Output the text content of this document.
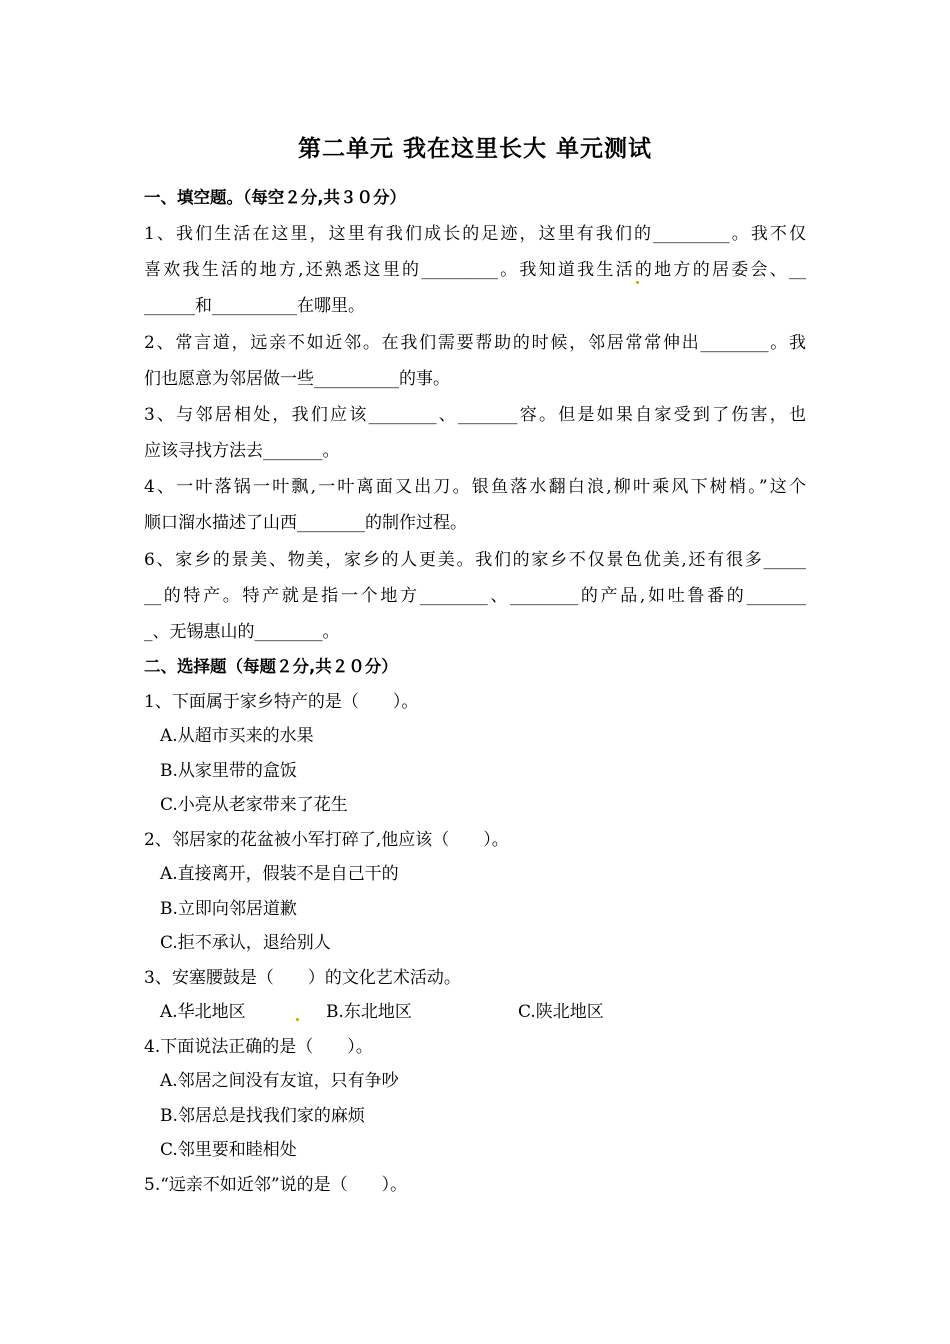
第二单元 我在这里长大 单元测试
一、填空题。（每空２分,共３０分）
1、我们生活在这里，这里有我们成长的足迹，这里有我们的_________。我不仅
喜欢我生活的地方,还熟悉这里的_________。我知道我生活的地方的居委会、__
______和__________在哪里。
2、常言道，远亲不如近邻。在我们需要帮助的时候，邻居常常伸出________。我
们也愿意为邻居做一些__________的事。
3、与邻居相处，我们应该________、_______容。但是如果自家受到了伤害，也
应该寻找方法去_______。
4、一叶落锅一叶飘,一叶离面又出刀。银鱼落水翻白浪,柳叶乘风下树梢。”这个
顺口溜水描述了山西________的制作过程。
6、家乡的景美、物美，家乡的人更美。我们的家乡不仅景色优美,还有很多_____
__的特产。特产就是指一个地方________、________的产品,如吐鲁番的_______
_、无锡惠山的________。
二、选择题（每题２分,共２０分）
1、下面属于家乡特产的是（　　）。
A.从超市买来的水果
B.从家里带的盒饭
C.小亮从老家带来了花生
2、邻居家的花盆被小军打碎了,他应该（　　）。
A.直接离开，假装不是自己干的
B.立即向邻居道歉
C.拒不承认，退给别人
3、安塞腰鼓是（　　）的文化艺术活动。
A.华北地区	B.东北地区	C.陕北地区
4.下面说法正确的是（　　）。
A.邻居之间没有友谊，只有争吵
B.邻居总是找我们家的麻烦
C.邻里要和睦相处
5.“远亲不如近邻”说的是（　　）。
